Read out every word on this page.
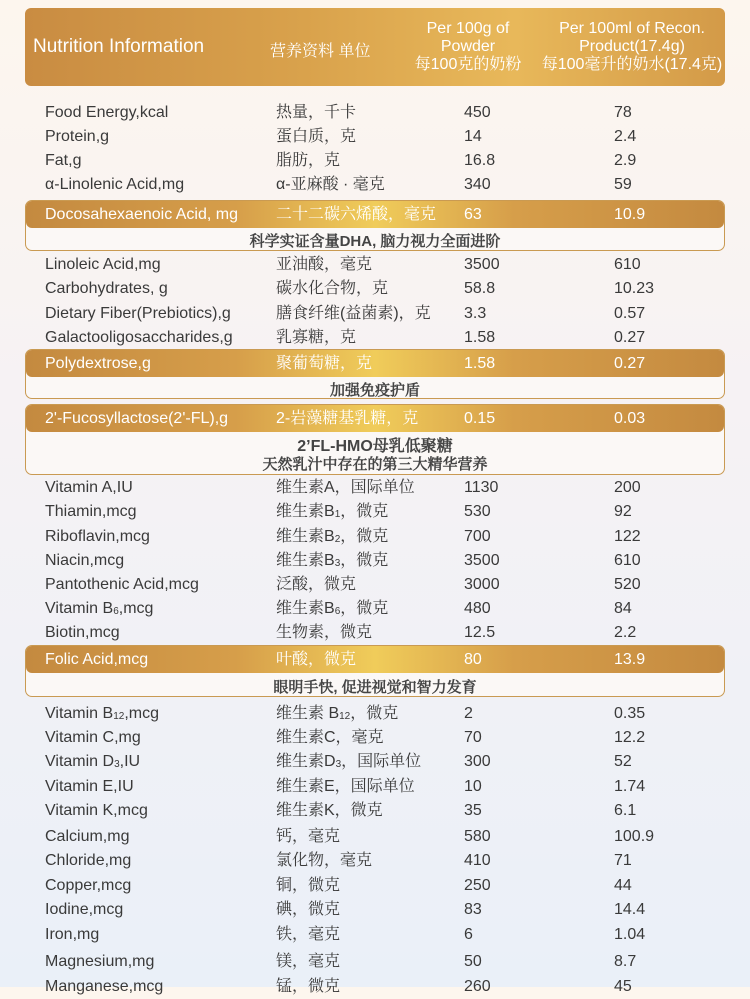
Nutrition Information	营养资料 单位
Per 100g of
Powder
每100克的奶粉
Per 100ml of Recon.
Product(17.4g)
每100毫升的奶水(17.4克)
Docosahexaenoic Acid, mg 二十二碳六烯酸，毫克 63	10.9
科学实证含量DHA, 脑力视力全面进阶
Polydextrose,g	聚葡萄糖，克	1.58	0.27
加强免疫护盾
2'-Fucosyllactose(2'-FL),g	2-岩藻糖基乳糖，克	0.15	0.03
2’FL-HMO母乳低聚糖
天然乳汁中存在的第三大精华营养
Folic Acid,mcg	叶酸，微克	80	13.9
眼明手快, 促进视觉和智力发育
Food Energy,kcal	热量，千卡	450	78
Protein,g	蛋白质，克	14	2.4
Fat,g	脂肪，克	16.8	2.9
α-Linolenic Acid,mg	α-亚麻酸 · 毫克	340	59
Linoleic Acid,mg	亚油酸，毫克	3500	610
Carbohydrates, g	碳水化合物，克	58.8	10.23
Dietary Fiber(Prebiotics),g	膳食纤维(益菌素)，克 3.3	0.57
Galactooligosaccharides,g	乳寡糖，克	1.58	0.27
Vitamin A,IU	维生素A，国际单位	1130	200
Thiamin,mcg	维生素B1，微克	530	92
Riboflavin,mcg	维生素B2，微克	700	122
Niacin,mcg	维生素B3，微克	3500	610
Pantothenic Acid,mcg	泛酸，微克	3000	520
Vitamin B6,mcg	维生素B6，微克	480	84
Biotin,mcg	生物素，微克	12.5	2.2
Vitamin B12,mcg	维生素 B12，微克	2	0.35
Vitamin C,mg	维生素C，毫克	70	12.2
Vitamin D3,IU	维生素D3，国际单位	300	52
Vitamin E,IU	维生素E，国际单位	10	1.74
Vitamin K,mcg	维生素K，微克	35	6.1
Calcium,mg	钙，毫克	580	100.9
Chloride,mg	氯化物，毫克	410	71
Copper,mcg	铜，微克	250	44
Iodine,mcg	碘，微克	83	14.4
Iron,mg	铁，毫克	6	1.04
Magnesium,mg	镁，毫克	50	8.7
Manganese,mcg	锰，微克	260	45
